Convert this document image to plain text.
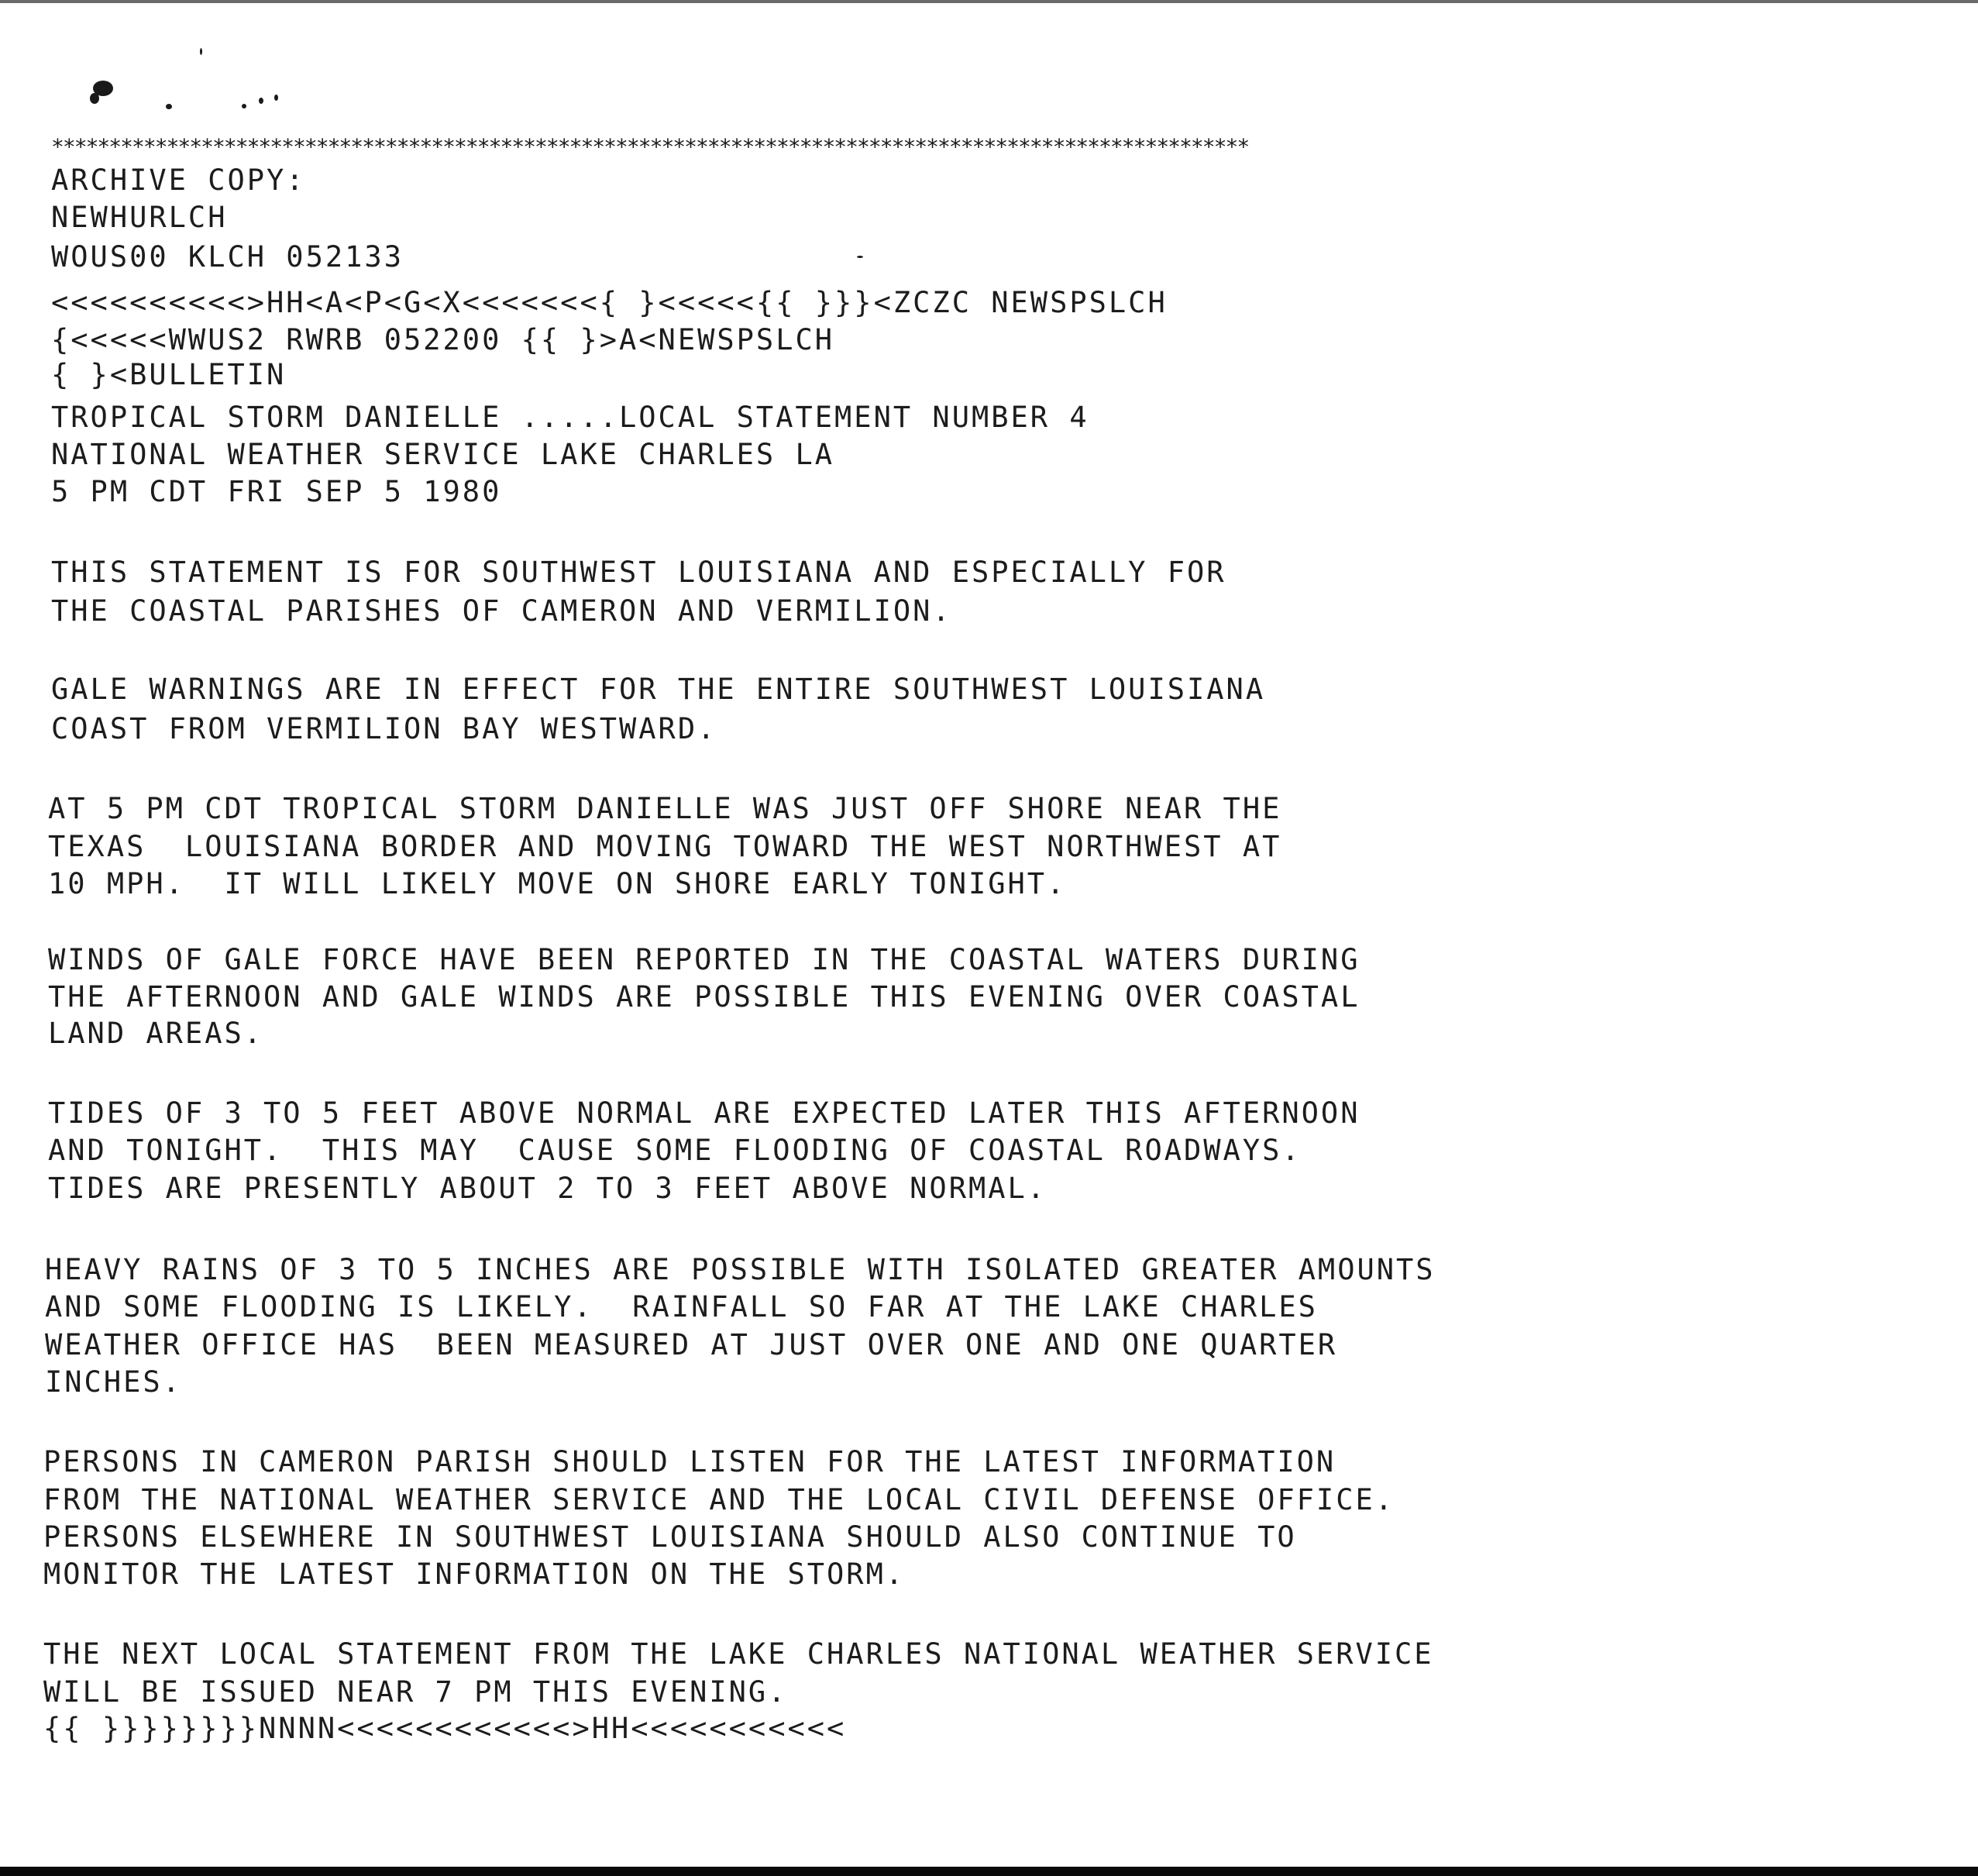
********************************************************************************************************

ARCHIVE COPY:

NEWHURLCH

WOUS00 KLCH 052133

<<<<<<<<<<>HH<A<P<G<X<<<<<<<{ }<<<<<{{ }}}<ZCZC NEWSPSLCH

{<<<<<WWUS2 RWRB 052200 {{ }>A<NEWSPSLCH

{ }<BULLETIN

TROPICAL STORM DANIELLE .....LOCAL STATEMENT NUMBER 4

NATIONAL WEATHER SERVICE LAKE CHARLES LA

5 PM CDT FRI SEP 5 1980

THIS STATEMENT IS FOR SOUTHWEST LOUISIANA AND ESPECIALLY FOR

THE COASTAL PARISHES OF CAMERON AND VERMILION.

GALE WARNINGS ARE IN EFFECT FOR THE ENTIRE SOUTHWEST LOUISIANA

COAST FROM VERMILION BAY WESTWARD.

AT 5 PM CDT TROPICAL STORM DANIELLE WAS JUST OFF SHORE NEAR THE

TEXAS  LOUISIANA BORDER AND MOVING TOWARD THE WEST NORTHWEST AT

10 MPH.  IT WILL LIKELY MOVE ON SHORE EARLY TONIGHT.

WINDS OF GALE FORCE HAVE BEEN REPORTED IN THE COASTAL WATERS DURING

THE AFTERNOON AND GALE WINDS ARE POSSIBLE THIS EVENING OVER COASTAL

LAND AREAS.

TIDES OF 3 TO 5 FEET ABOVE NORMAL ARE EXPECTED LATER THIS AFTERNOON

AND TONIGHT.  THIS MAY  CAUSE SOME FLOODING OF COASTAL ROADWAYS.

TIDES ARE PRESENTLY ABOUT 2 TO 3 FEET ABOVE NORMAL.

HEAVY RAINS OF 3 TO 5 INCHES ARE POSSIBLE WITH ISOLATED GREATER AMOUNTS

AND SOME FLOODING IS LIKELY.  RAINFALL SO FAR AT THE LAKE CHARLES

WEATHER OFFICE HAS  BEEN MEASURED AT JUST OVER ONE AND ONE QUARTER

INCHES.

PERSONS IN CAMERON PARISH SHOULD LISTEN FOR THE LATEST INFORMATION

FROM THE NATIONAL WEATHER SERVICE AND THE LOCAL CIVIL DEFENSE OFFICE.

PERSONS ELSEWHERE IN SOUTHWEST LOUISIANA SHOULD ALSO CONTINUE TO

MONITOR THE LATEST INFORMATION ON THE STORM.

THE NEXT LOCAL STATEMENT FROM THE LAKE CHARLES NATIONAL WEATHER SERVICE

WILL BE ISSUED NEAR 7 PM THIS EVENING.

{{ }}}}}}}}NNNN<<<<<<<<<<<<>HH<<<<<<<<<<<
